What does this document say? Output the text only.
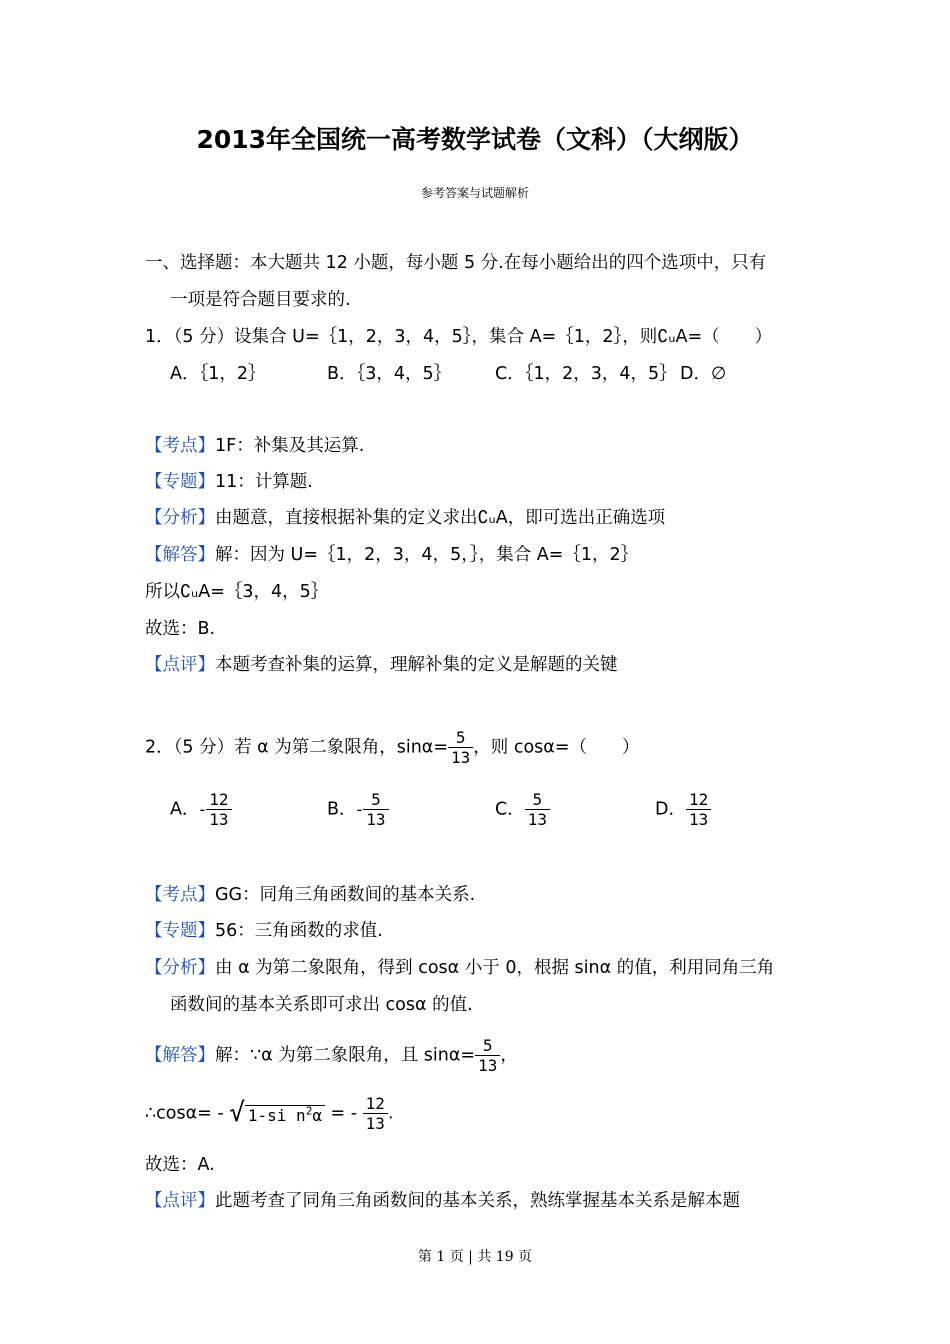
2013年全国统一高考数学试卷（文科）（大纲版）
参考答案与试题解析
一、选择题：本大题共 12 小题，每小题 5 分.在每小题给出的四个选项中，只有
一项是符合题目要求的.
1．（5 分）设集合 U=｛1，2，3，4，5｝，集合 A=｛1，2｝，则∁ᵤA=（　　）
A．｛1，2｝	B．｛3，4，5｝	C．｛1，2，3，4，5｝ D．∅
【考点】1F：补集及其运算.
【专题】11：计算题.
【分析】由题意，直接根据补集的定义求出∁ᵤA，即可选出正确选项
【解答】解：因为 U=｛1，2，3，4，5，｝，集合 A=｛1，2｝
所以∁ᵤA=｛3，4，5｝
故选：B.
【点评】本题考查补集的运算，理解补集的定义是解题的关键
2．（5 分）若 α 为第二象限角，$\sin\alpha= \frac{5}{13}$ ，则 cosα=（　　）
A．- $\frac{12}{13}$	B．- $\frac{5}{13}$	C． $\frac{5}{13}$	D． $\frac{12}{13}$
【考点】GG：同角三角函数间的基本关系.
【专题】56：三角函数的求值.
【分析】由 α 为第二象限角，得到 cosα 小于 0，根据 sinα 的值，利用同角三角
函数间的基本关系即可求出 cosα 的值.
【解答】解：∵α 为第二象限角，且 $\sin\alpha= \frac{5}{13}$ ，
∴cosα= - √ 1-si $n^2\alpha$ = - $\frac{12}{13}$ .
故选：A.
【点评】此题考查了同角三角函数间的基本关系，熟练掌握基本关系是解本题
第 1 页 | 共 19 页
